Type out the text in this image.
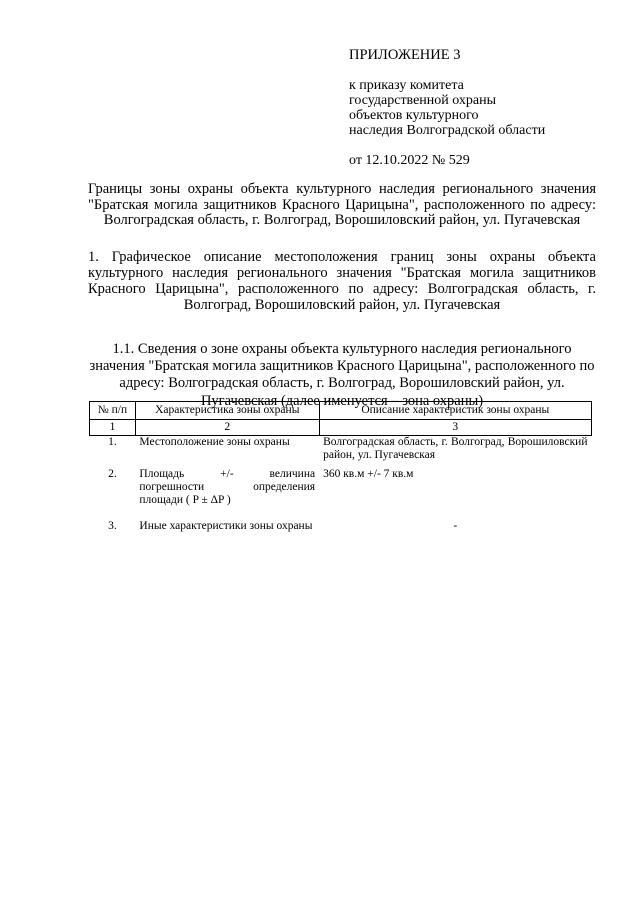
ПРИЛОЖЕНИЕ 3
к приказу комитета
государственной охраны
объектов культурного
наследия Волгоградской области
от 12.10.2022 № 529
Границы зоны охраны объекта культурного наследия регионального значения "Братская могила защитников Красного Царицына", расположенного по адресу: Волгоградская область, г. Волгоград, Ворошиловский район, ул. Пугачевская
1. Графическое описание местоположения границ зоны охраны объекта культурного наследия регионального значения "Братская могила защитников Красного Царицына", расположенного по адресу: Волгоградская область, г. Волгоград, Ворошиловский район, ул. Пугачевская
1.1. Сведения о зоне охраны объекта культурного наследия регионального значения "Братская могила защитников Красного Царицына", расположенного по адресу: Волгоградская область, г. Волгоград, Ворошиловский район, ул. Пугачевская (далее именуется – зона охраны)
№ п/п	Характеристика зоны охраны	Описание характеристик зоны охраны
1	2	3
1.	Местоположение зоны охраны	Волгоградская область, г. Волгоград, Ворошиловский район, ул. Пугачевская
2.	Площадь +/- величина погрешности определения площади ( P ± ΔP )	360 кв.м +/- 7 кв.м
3.	Иные характеристики зоны охраны	-
